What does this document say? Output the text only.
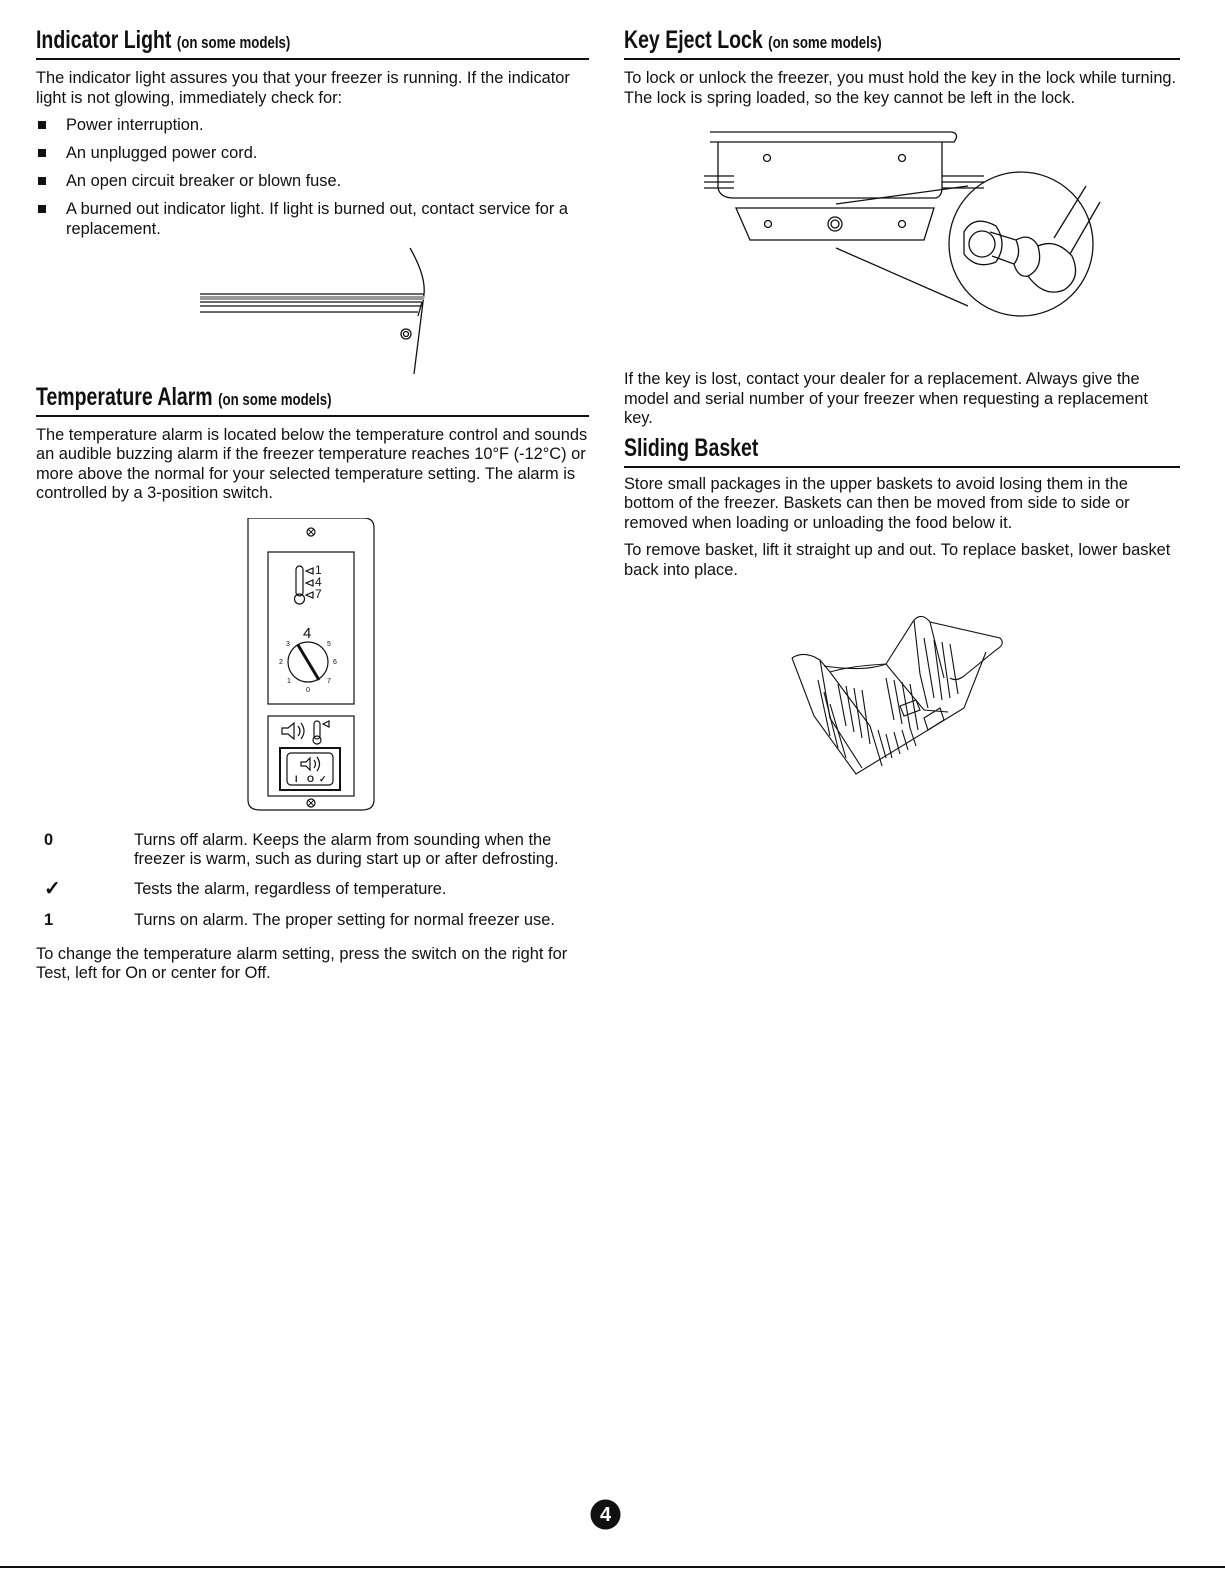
Indicator Light (on some models)

The indicator light assures you that your freezer is running. If the indicator light is not glowing, immediately check for:

Power interruption.
An unplugged power cord.
An open circuit breaker or blown fuse.
A burned out indicator light. If light is burned out, contact service for a replacement.
Temperature Alarm (on some models)

The temperature alarm is located below the temperature control and sounds an audible buzzing alarm if the freezer temperature reaches 10°F (-12°C) or more above the normal for your selected temperature setting. The alarm is controlled by a 3-position switch.

1
4
7
4
3	5
2	6
1	7
0
I O ✓
0	Turns off alarm. Keeps the alarm from sounding when the freezer is warm, such as during start up or after defrosting.
✓	Tests the alarm, regardless of temperature.
1	Turns on alarm. The proper setting for normal freezer use.

To change the temperature alarm setting, press the switch on the right for Test, left for On or center for Off.

Key Eject Lock (on some models)

To lock or unlock the freezer, you must hold the key in the lock while turning. The lock is spring loaded, so the key cannot be left in the lock.

If the key is lost, contact your dealer for a replacement. Always give the model and serial number of your freezer when requesting a replacement key.

Sliding Basket

Store small packages in the upper baskets to avoid losing them in the bottom of the freezer. Baskets can then be moved from side to side or removed when loading or unloading the food below it.

To remove basket, lift it straight up and out. To replace basket, lower basket back into place.

4
